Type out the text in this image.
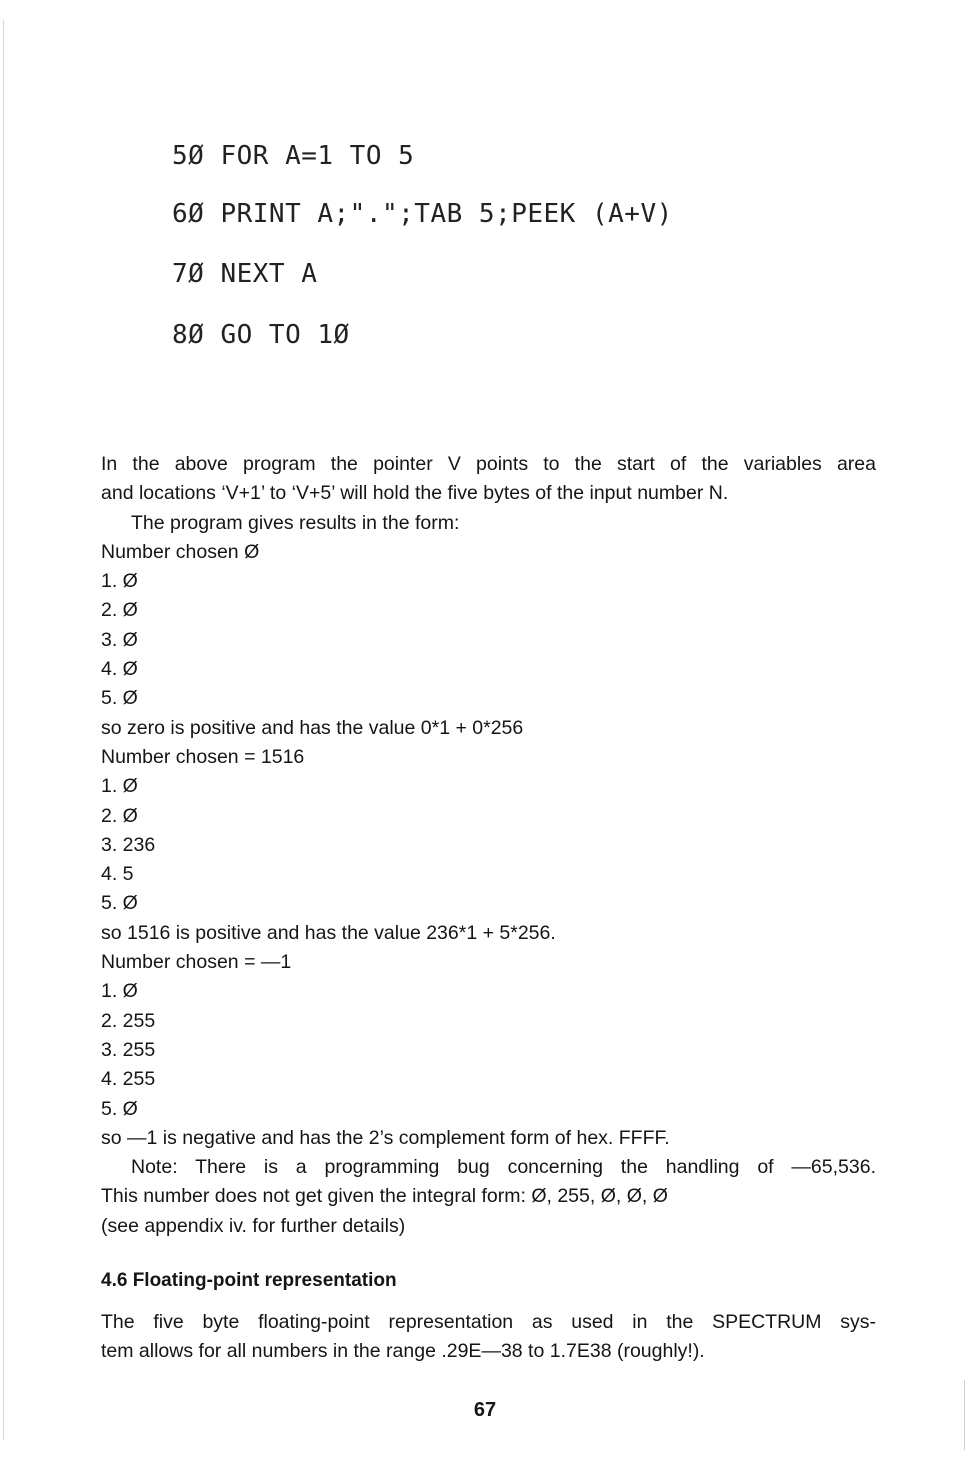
5Ø FOR A=1 TO 5
6Ø PRINT A;".";TAB 5;PEEK (A+V)
7Ø NEXT A
8Ø GO TO 1Ø
In the above program the pointer V points to the start of the variables area
and locations ‘V+1’ to ‘V+5’ will hold the five bytes of the input number N.
The program gives results in the form:
Number chosen Ø
1. Ø
2. Ø
3. Ø
4. Ø
5. Ø
so zero is positive and has the value 0*1 + 0*256
Number chosen = 1516
1. Ø
2. Ø
3. 236
4. 5
5. Ø
so 1516 is positive and has the value 236*1 + 5*256.
Number chosen = —1
1. Ø
2. 255
3. 255
4. 255
5. Ø
so —1 is negative and has the 2’s complement form of hex. FFFF.
Note: There is a programming bug concerning the handling of —65,536.
This number does not get given the integral form: Ø, 255, Ø, Ø, Ø
(see appendix iv. for further details)
4.6 Floating-point representation
The five byte floating-point representation as used in the SPECTRUM sys-
tem allows for all numbers in the range .29E—38 to 1.7E38 (roughly!).
67
